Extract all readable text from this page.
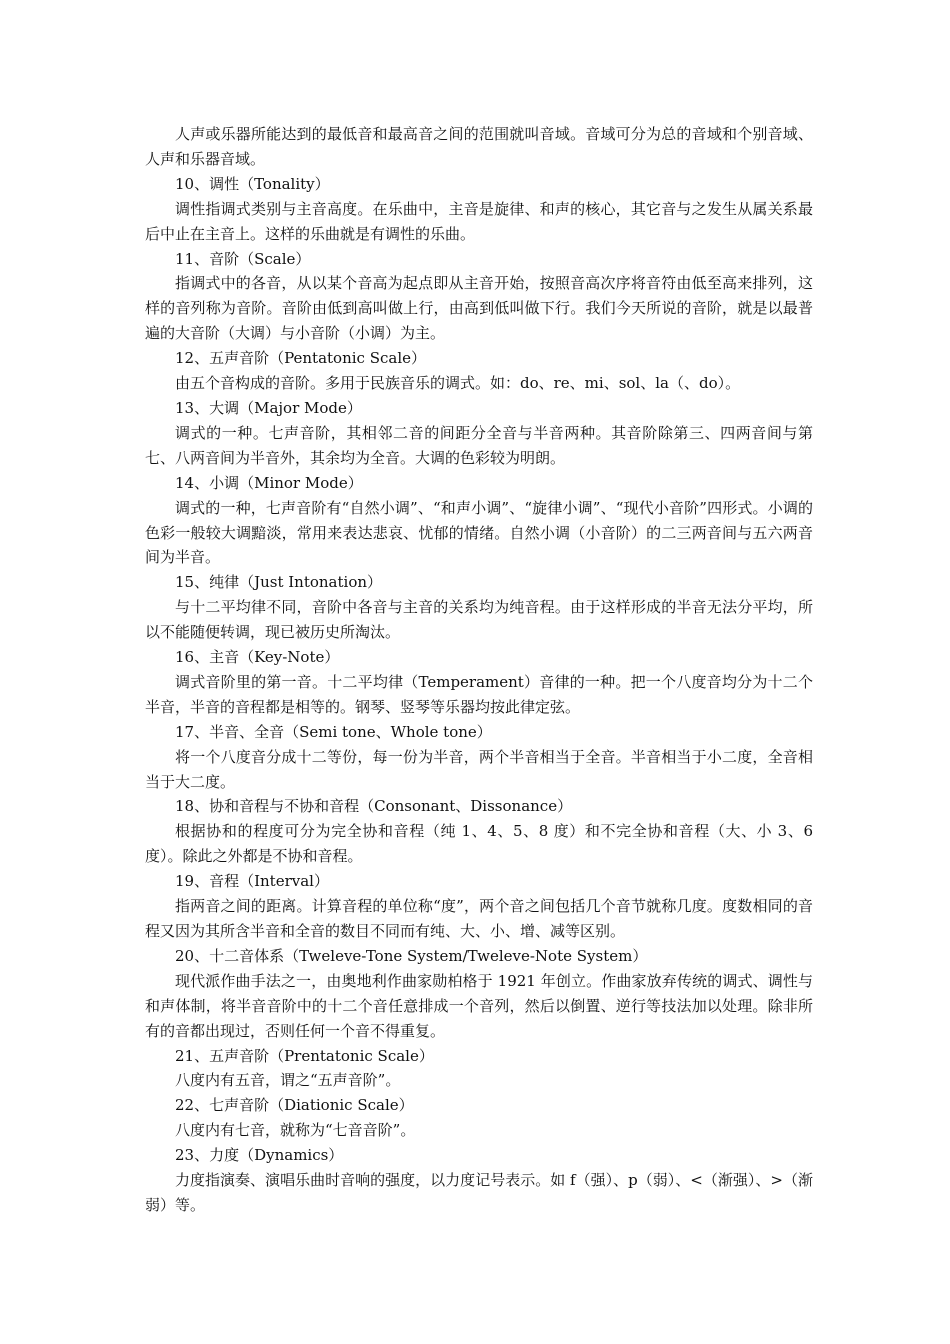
人声或乐器所能达到的最低音和最高音之间的范围就叫音域。音域可分为总的音域和个别音域、人声和乐器音域。

10、调性（Tonality）

调性指调式类别与主音高度。在乐曲中，主音是旋律、和声的核心，其它音与之发生从属关系最后中止在主音上。这样的乐曲就是有调性的乐曲。

11、音阶（Scale）

指调式中的各音，从以某个音高为起点即从主音开始，按照音高次序将音符由低至高来排列，这样的音列称为音阶。音阶由低到高叫做上行，由高到低叫做下行。我们今天所说的音阶，就是以最普遍的大音阶（大调）与小音阶（小调）为主。

12、五声音阶（Pentatonic Scale）

由五个音构成的音阶。多用于民族音乐的调式。如：do、re、mi、sol、la（、do）。

13、大调（Major Mode）

调式的一种。七声音阶，其相邻二音的间距分全音与半音两种。其音阶除第三、四两音间与第七、八两音间为半音外，其余均为全音。大调的色彩较为明朗。

14、小调（Minor Mode）

调式的一种，七声音阶有“自然小调”、“和声小调”、“旋律小调”、“现代小音阶”四形式。小调的色彩一般较大调黯淡，常用来表达悲哀、忧郁的情绪。自然小调（小音阶）的二三两音间与五六两音间为半音。

15、纯律（Just Intonation）

与十二平均律不同，音阶中各音与主音的关系均为纯音程。由于这样形成的半音无法分平均，所以不能随便转调，现已被历史所淘汰。

16、主音（Key-Note）

调式音阶里的第一音。十二平均律（Temperament）音律的一种。把一个八度音均分为十二个半音，半音的音程都是相等的。钢琴、竖琴等乐器均按此律定弦。

17、半音、全音（Semi tone、Whole tone）

将一个八度音分成十二等份，每一份为半音，两个半音相当于全音。半音相当于小二度，全音相当于大二度。

18、协和音程与不协和音程（Consonant、Dissonance）

根据协和的程度可分为完全协和音程（纯 1、4、5、8 度）和不完全协和音程（大、小 3、6 度）。除此之外都是不协和音程。

19、音程（Interval）

指两音之间的距离。计算音程的单位称“度”，两个音之间包括几个音节就称几度。度数相同的音程又因为其所含半音和全音的数目不同而有纯、大、小、增、减等区别。

20、十二音体系（Tweleve-Tone System/Tweleve-Note System）

现代派作曲手法之一，由奥地利作曲家勋柏格于 1921 年创立。作曲家放弃传统的调式、调性与和声体制，将半音音阶中的十二个音任意排成一个音列，然后以倒置、逆行等技法加以处理。除非所有的音都出现过，否则任何一个音不得重复。

21、五声音阶（Prentatonic Scale）

八度内有五音，谓之“五声音阶”。

22、七声音阶（Diationic Scale）

八度内有七音，就称为“七音音阶”。

23、力度（Dynamics）

力度指演奏、演唱乐曲时音响的强度，以力度记号表示。如 f（强）、p（弱）、<（渐强）、>（渐弱）等。
